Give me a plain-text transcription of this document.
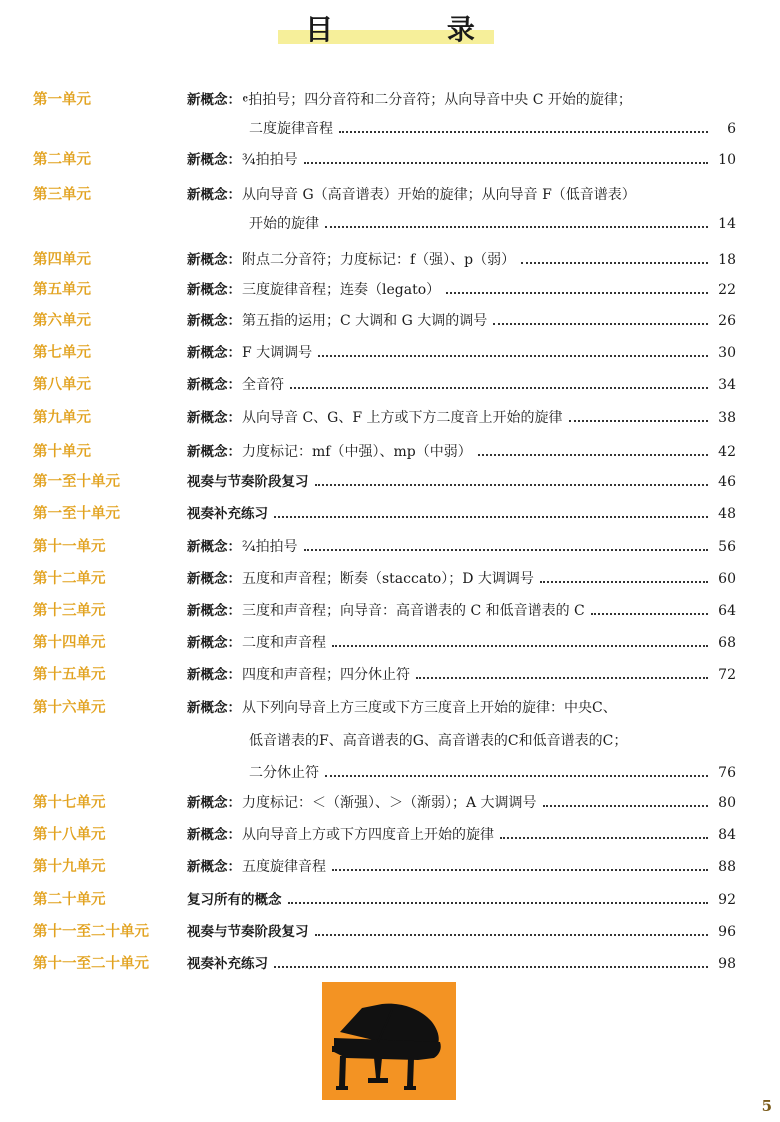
目 录
第一单元	新概念： 𝄴拍拍号；四分音符和二分音符；从向导音中央 C 开始的旋律；
二度旋律音程	6
第二单元	新概念： ¾拍拍号	10
第三单元	新概念： 从向导音 G（高音谱表）开始的旋律；从向导音 F（低音谱表）
开始的旋律	14
第四单元	新概念： 附点二分音符；力度标记：f（强）、p（弱）	18
第五单元	新概念： 三度旋律音程；连奏（legato）	22
第六单元	新概念： 第五指的运用；C 大调和 G 大调的调号	26
第七单元	新概念： F 大调调号	30
第八单元	新概念： 全音符	34
第九单元	新概念： 从向导音 C、G、F 上方或下方二度音上开始的旋律	38
第十单元	新概念： 力度标记：mf（中强）、mp（中弱）	42
第一至十单元	视奏与节奏阶段复习	46
第一至十单元	视奏补充练习	48
第十一单元	新概念： ²⁄₄拍拍号	56
第十二单元	新概念： 五度和声音程；断奏（staccato）；D 大调调号	60
第十三单元	新概念： 三度和声音程；向导音：高音谱表的 C 和低音谱表的 C	64
第十四单元	新概念： 二度和声音程	68
第十五单元	新概念： 四度和声音程；四分休止符	72
第十六单元	新概念： 从下列向导音上方三度或下方三度音上开始的旋律：中央C、
低音谱表的F、高音谱表的G、高音谱表的C和低音谱表的C；
二分休止符	76
第十七单元	新概念： 力度标记：＜（渐强）、＞（渐弱）；A 大调调号	80
第十八单元	新概念： 从向导音上方或下方四度音上开始的旋律	84
第十九单元	新概念： 五度旋律音程	88
第二十单元	复习所有的概念	92
第十一至二十单元	视奏与节奏阶段复习	96
第十一至二十单元	视奏补充练习	98
5
